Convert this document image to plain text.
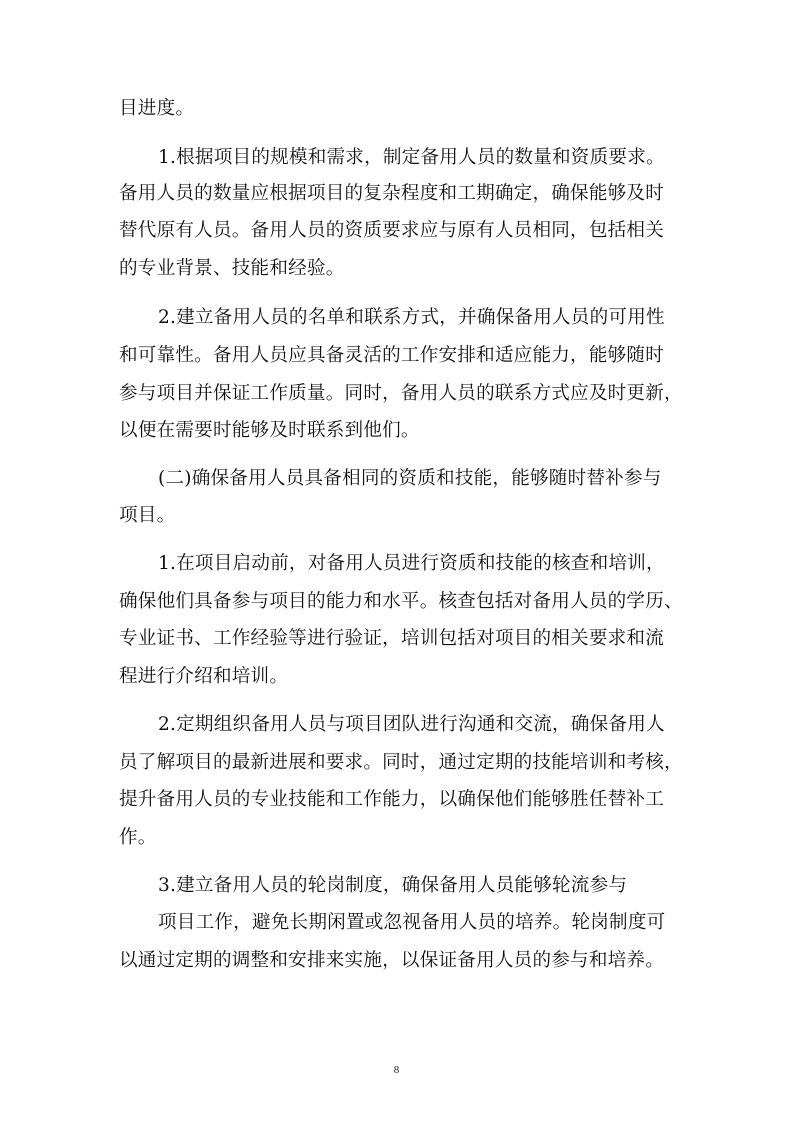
目进度。
1.根据项目的规模和需求，制定备用人员的数量和资质要求。
备用人员的数量应根据项目的复杂程度和工期确定，确保能够及时
替代原有人员。备用人员的资质要求应与原有人员相同，包括相关
的专业背景、技能和经验。
2.建立备用人员的名单和联系方式，并确保备用人员的可用性
和可靠性。备用人员应具备灵活的工作安排和适应能力，能够随时
参与项目并保证工作质量。同时，备用人员的联系方式应及时更新，
以便在需要时能够及时联系到他们。
(二)确保备用人员具备相同的资质和技能，能够随时替补参与
项目。
1.在项目启动前，对备用人员进行资质和技能的核查和培训，
确保他们具备参与项目的能力和水平。核查包括对备用人员的学历、
专业证书、工作经验等进行验证，培训包括对项目的相关要求和流
程进行介绍和培训。
2.定期组织备用人员与项目团队进行沟通和交流，确保备用人
员了解项目的最新进展和要求。同时，通过定期的技能培训和考核，
提升备用人员的专业技能和工作能力，以确保他们能够胜任替补工
作。
3.建立备用人员的轮岗制度，确保备用人员能够轮流参与
项目工作，避免长期闲置或忽视备用人员的培养。轮岗制度可
以通过定期的调整和安排来实施，以保证备用人员的参与和培养。
8
